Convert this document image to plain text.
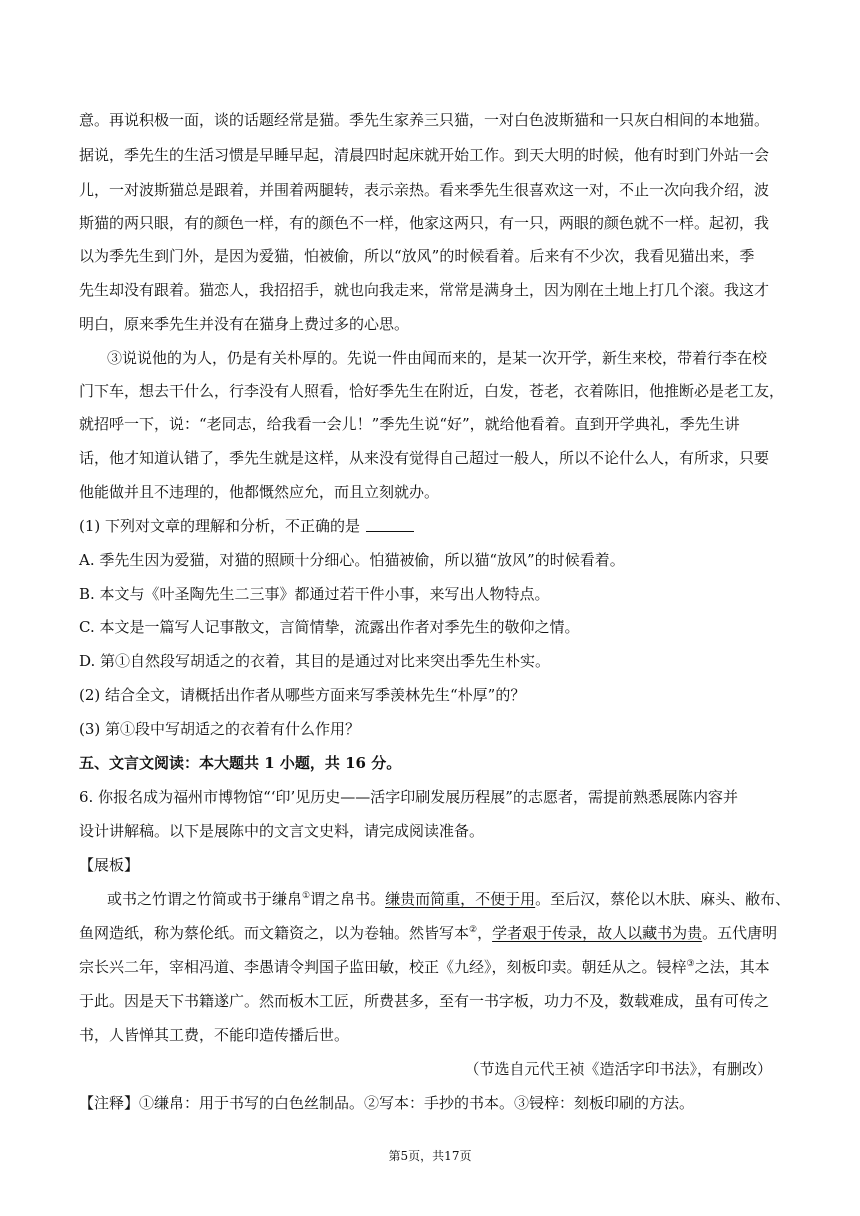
意。再说积极一面，谈的话题经常是猫。季先生家养三只猫，一对白色波斯猫和一只灰白相间的本地猫。
据说，季先生的生活习惯是早睡早起，清晨四时起床就开始工作。到天大明的时候，他有时到门外站一会
儿，一对波斯猫总是跟着，并围着两腿转，表示亲热。看来季先生很喜欢这一对，不止一次向我介绍，波
斯猫的两只眼，有的颜色一样，有的颜色不一样，他家这两只，有一只，两眼的颜色就不一样。起初，我
以为季先生到门外，是因为爱猫，怕被偷，所以“放风”的时候看着。后来有不少次，我看见猫出来，季
先生却没有跟着。猫恋人，我招招手，就也向我走来，常常是满身土，因为刚在土地上打几个滚。我这才
明白，原来季先生并没有在猫身上费过多的心思。
③说说他的为人，仍是有关朴厚的。先说一件由闻而来的，是某一次开学，新生来校，带着行李在校
门下车，想去干什么，行李没有人照看，恰好季先生在附近，白发，苍老，衣着陈旧，他推断必是老工友，
就招呼一下，说：“老同志，给我看一会儿！”季先生说“好”，就给他看着。直到开学典礼，季先生讲
话，他才知道认错了，季先生就是这样，从来没有觉得自己超过一般人，所以不论什么人，有所求，只要
他能做并且不违理的，他都慨然应允，而且立刻就办。
(1) 下列对文章的理解和分析，不正确的是
A. 季先生因为爱猫，对猫的照顾十分细心。怕猫被偷，所以猫“放风”的时候看着。
B. 本文与《叶圣陶先生二三事》都通过若干件小事，来写出人物特点。
C. 本文是一篇写人记事散文，言简情挚，流露出作者对季先生的敬仰之情。
D. 第①自然段写胡适之的衣着，其目的是通过对比来突出季先生朴实。
(2) 结合全文，请概括出作者从哪些方面来写季羡林先生“朴厚”的？
(3) 第①段中写胡适之的衣着有什么作用？
五、文言文阅读：本大题共 1 小题，共 16 分。
6. 你报名成为福州市博物馆“‘印’见历史——活字印刷发展历程展”的志愿者，需提前熟悉展陈内容并
设计讲解稿。以下是展陈中的文言文史料，请完成阅读准备。
【展板】
或书之竹谓之竹简或书于缣帛①谓之帛书。缣贵而简重，不便于用。至后汉，蔡伦以木肤、麻头、敝布、
鱼网造纸，称为蔡伦纸。而文籍资之，以为卷轴。然皆写本②，学者艰于传录，故人以藏书为贵。五代唐明
宗长兴二年，宰相冯道、李愚请令判国子监田敏，校正《九经》，刻板印卖。朝廷从之。锓梓③之法，其本
于此。因是天下书籍遂广。然而板木工匠，所费甚多，至有一书字板，功力不及，数载难成，虽有可传之
书，人皆惮其工费，不能印造传播后世。
（节选自元代王祯《造活字印书法》，有删改）
【注释】①缣帛：用于书写的白色丝制品。②写本：手抄的书本。③锓梓：刻板印刷的方法。
第5页，共17页
